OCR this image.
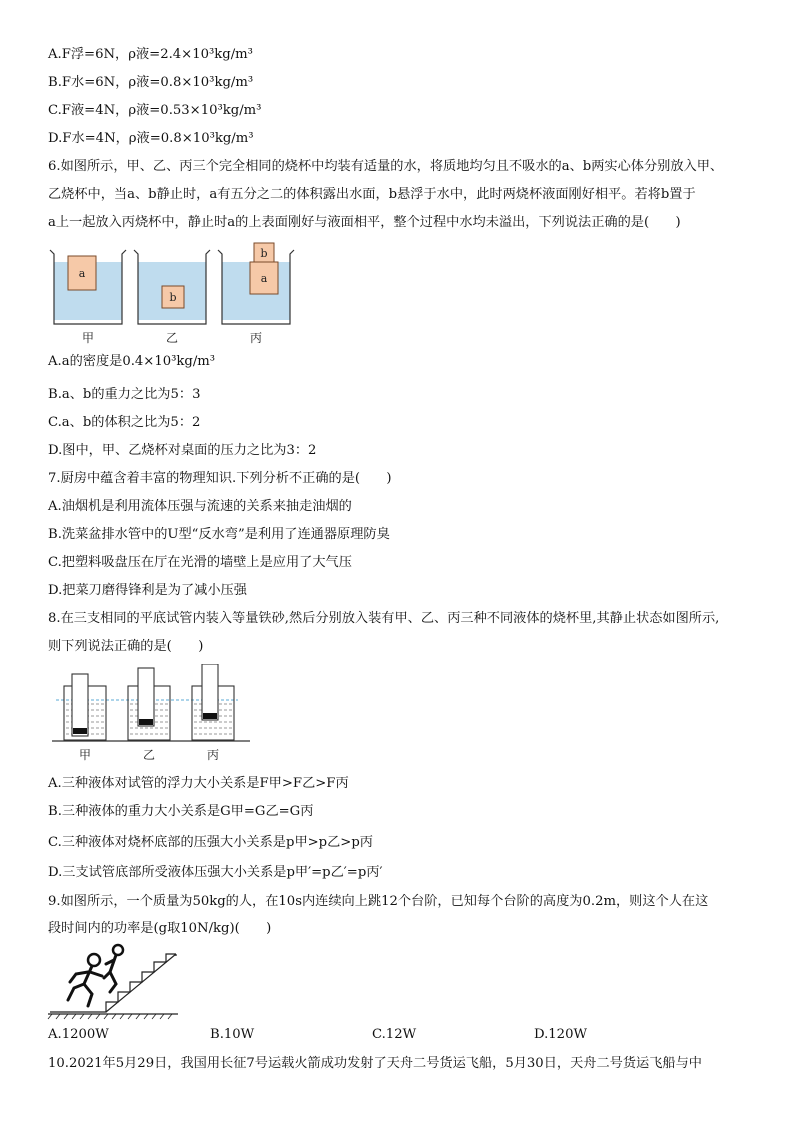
A.F浮=6N，ρ液=2.4×10³kg/m³
B.F水=6N，ρ液=0.8×10³kg/m³
C.F液=4N，ρ液=0.53×10³kg/m³
D.F水=4N，ρ液=0.8×10³kg/m³
6.如图所示，甲、乙、丙三个完全相同的烧杯中均装有适量的水，将质地均匀且不吸水的a、b两实心体分别放入甲、
乙烧杯中，当a、b静止时，a有五分之二的体积露出水面，b悬浮于水中，此时两烧杯液面刚好相平。若将b置于
a上一起放入丙烧杯中，静止时a的上表面刚好与液面相平，整个过程中水均未溢出，下列说法正确的是(　　)
a
b
a
b
甲	乙	丙
A.a的密度是0.4×10³kg/m³
B.a、b的重力之比为5：3
C.a、b的体积之比为5：2
D.图中，甲、乙烧杯对桌面的压力之比为3：2
7.厨房中蕴含着丰富的物理知识.下列分析不正确的是(　　)
A.油烟机是利用流体压强与流速的关系来抽走油烟的
B.洗菜盆排水管中的U型“反水弯”是利用了连通器原理防臭
C.把塑料吸盘压在厅在光滑的墙壁上是应用了大气压
D.把菜刀磨得锋利是为了减小压强
8.在三支相同的平底试管内装入等量铁砂,然后分别放入装有甲、乙、丙三种不同液体的烧杯里,其静止状态如图所示,
则下列说法正确的是(　　)
甲	乙	丙
A.三种液体对试管的浮力大小关系是F甲>F乙>F丙
B.三种液体的重力大小关系是G甲=G乙=G丙
C.三种液体对烧杯底部的压强大小关系是p甲>p乙>p丙
D.三支试管底部所受液体压强大小关系是p甲′=p乙′=p丙′
9.如图所示，一个质量为50kg的人，在10s内连续向上跳12个台阶，已知每个台阶的高度为0.2m，则这个人在这
段时间内的功率是(g取10N/kg)(　　)
A.1200W	B.10W	C.12W	D.120W
10.2021年5月29日，我国用长征7号运载火箭成功发射了天舟二号货运飞船，5月30日，天舟二号货运飞船与中
